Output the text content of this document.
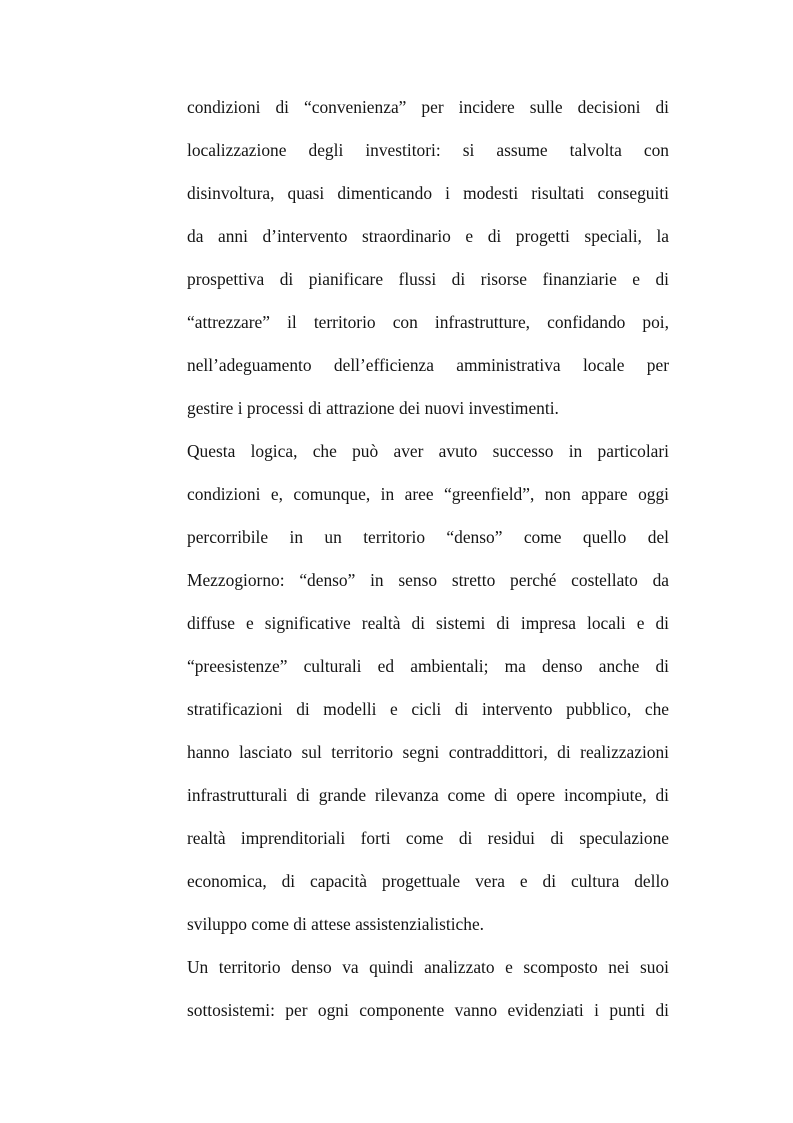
condizioni di “convenienza” per incidere sulle decisioni di
localizzazione degli investitori: si assume talvolta con
disinvoltura, quasi dimenticando i modesti risultati conseguiti
da anni d’intervento straordinario e di progetti speciali, la
prospettiva di pianificare flussi di risorse finanziarie e di
“attrezzare” il territorio con infrastrutture, confidando poi,
nell’adeguamento dell’efficienza amministrativa locale per
gestire i processi di attrazione dei nuovi investimenti.
Questa logica, che può aver avuto successo in particolari
condizioni e, comunque, in aree “greenfield”, non appare oggi
percorribile in un territorio “denso” come quello del
Mezzogiorno: “denso” in senso stretto perché costellato da
diffuse e significative realtà di sistemi di impresa locali e di
“preesistenze” culturali ed ambientali; ma denso anche di
stratificazioni di modelli e cicli di intervento pubblico, che
hanno lasciato sul territorio segni contraddittori, di realizzazioni
infrastrutturali di grande rilevanza come di opere incompiute, di
realtà imprenditoriali forti come di residui di speculazione
economica, di capacità progettuale vera e di cultura dello
sviluppo come di attese assistenzialistiche.
Un territorio denso va quindi analizzato e scomposto nei suoi
sottosistemi: per ogni componente vanno evidenziati i punti di
